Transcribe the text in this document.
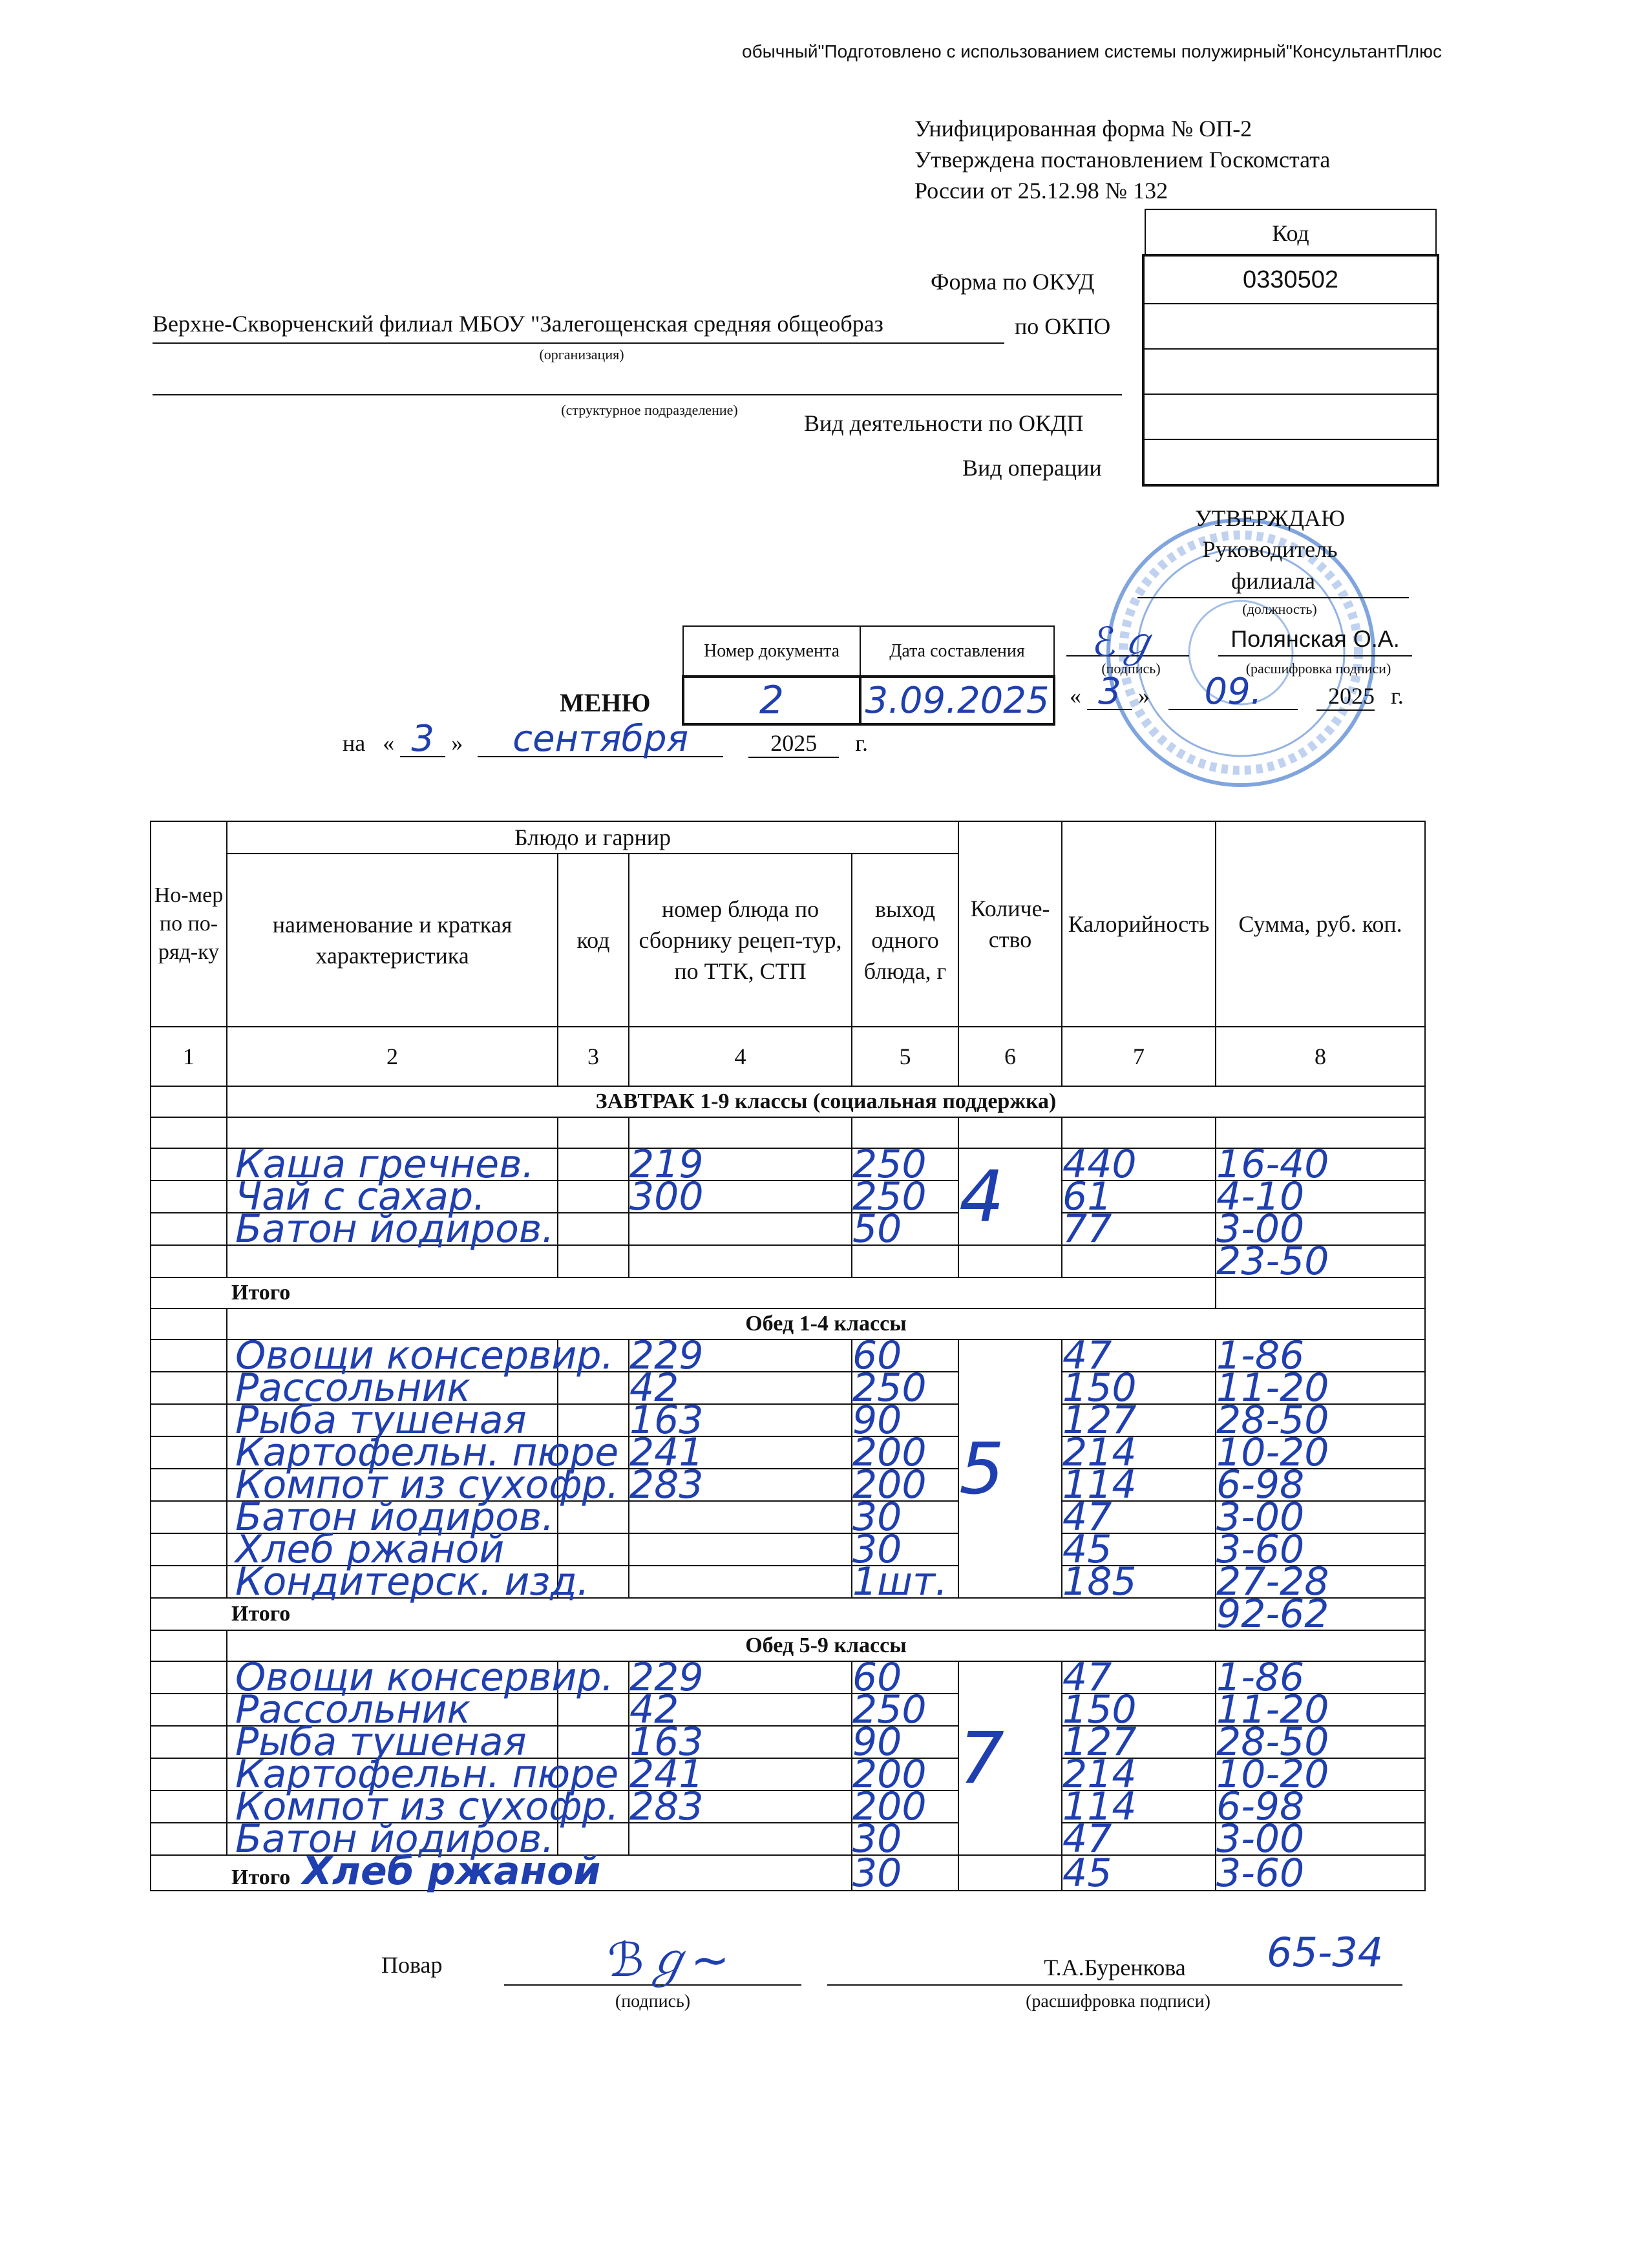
обычный"Подготовлено с использованием системы полужирный"КонсультантПлюс
Унифицированная форма № ОП-2
Утверждена постановлением Госкомстата
России от 25.12.98 № 132
Код
0330502
Форма по ОКУД
Верхне-Скворченский филиал МБОУ "Залегощенская средняя общеобраз	по ОКПО
(организация)
(структурное подразделение)
Вид деятельности по ОКДП
Вид операции
УТВЕРЖДАЮ
Руководитель
филиала
(должность)
ℰℊ	Полянская О.А.
(подпись)	(расшифровка подписи)
« 3 » 09.	2025 г.
Номер документа	Дата составления
2	3.09.2025
МЕНЮ
на « 3 » сентября	2025 г.
Но-мер по по-ряд-ку	Блюдо и гарнир				Количе-ство	Калорийность	Сумма, руб. коп.
	наименование и краткая характеристика	код	номер блюда по сборнику рецеп-тур, по ТТК, СТП	выход одного блюда, г			
1	2	3	4	5	6	7	8
	ЗАВТРАК 1-9 классы (социальная поддержка)						

	Каша гречнев.		219	250	4	440	16-40

	Чай с сахар.		300	250		61	4-10

	Батон йодиров.			50		77	3-00

							23-50

Итого							
	Обед 1-4 классы						

	Овощи консервир.		229	60	5	47	1-86

	Рассольник		42	250		150	11-20

	Рыба тушеная		163	90		127	28-50

	Картофельн. пюре		241	200		214	10-20

	Компот из сухофр.		283	200		114	6-98

	Батон йодиров.			30		47	3-00

	Хлеб ржаной			30		45	3-60

	Кондитерск. изд.			1шт.		185	27-28

Итого							92-62

	Обед 5-9 классы						

	Овощи консервир.		229	60	7	47	1-86

	Рассольник		42	250		150	11-20

	Рыба тушеная		163	90		127	28-50

	Картофельн. пюре		241	200		214	10-20

	Компот из сухофр.		283	200		114	6-98

	Батон йодиров.			30		47	3-00

Итого Хлеб ржаной				30		45	3-60
65-34
Повар	ℬℊ∼	Т.А.Буренкова
(подпись)	(расшифровка подписи)
